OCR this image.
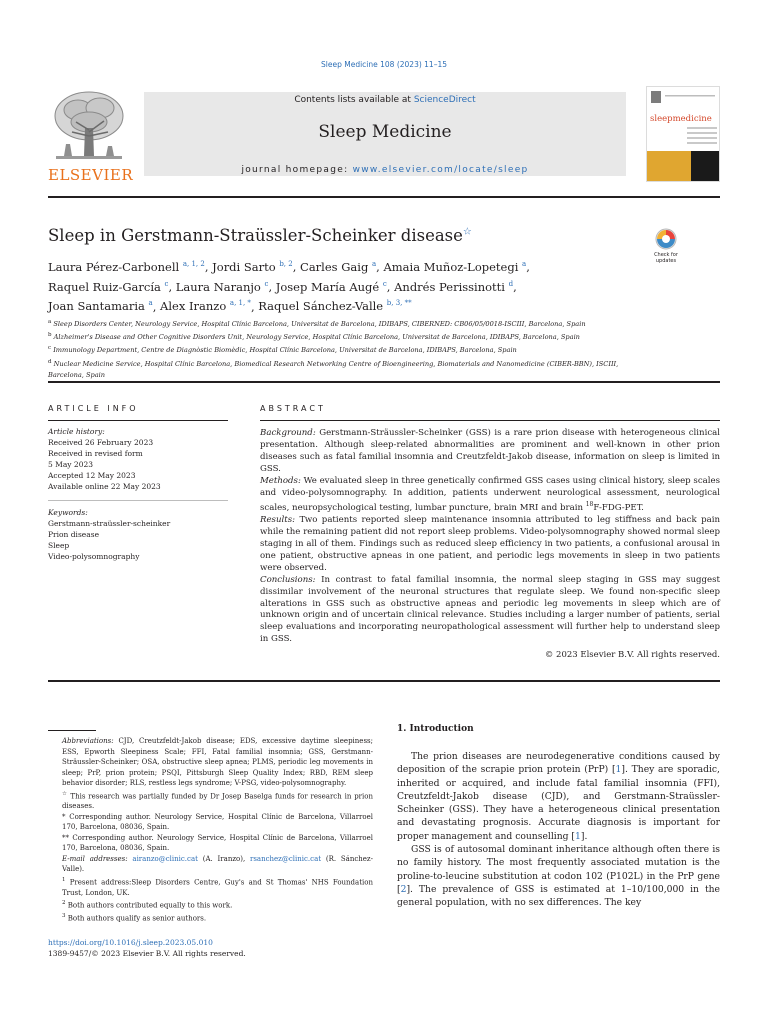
Sleep Medicine 108 (2023) 11–15
ELSEVIER
Contents lists available at ScienceDirect
Sleep Medicine
journal homepage: www.elsevier.com/locate/sleep
sleepmedicine
Sleep in Gerstmann-Straüssler-Scheinker disease☆
Check for updates
Laura Pérez-Carbonell $^{a, 1, 2}$, Jordi Sarto $^{b, 2}$, Carles Gaig $^a$, Amaia Muñoz-Lopetegi $^a$,
Raquel Ruiz-García $^c$, Laura Naranjo $^c$, Josep María Augé $^c$, Andrés Perissinotti $^d$,
Joan Santamaria $^a$, Alex Iranzo $^{a, 1, *}$, Raquel Sánchez-Valle $^{b, 3, **}$
$^a$ Sleep Disorders Center, Neurology Service, Hospital Clínic Barcelona, Universitat de Barcelona, IDIBAPS, CIBERNED: CB06/05/0018-ISCIII, Barcelona, Spain
$^b$ Alzheimer's Disease and Other Cognitive Disorders Unit, Neurology Service, Hospital Clínic Barcelona, Universitat de Barcelona, IDIBAPS, Barcelona, Spain
$^c$ Immunology Department, Centre de Diagnòstic Biomèdic, Hospital Clínic Barcelona, Universitat de Barcelona, IDIBAPS, Barcelona, Spain
$^d$ Nuclear Medicine Service, Hospital Clínic Barcelona, Biomedical Research Networking Centre of Bioengineering, Biomaterials and Nanomedicine (CIBER-BBN), ISCIII, Barcelona, Spain
ARTICLE INFO	ABSTRACT
Article history:
Received 26 February 2023
Received in revised form
5 May 2023
Accepted 12 May 2023
Available online 22 May 2023
Keywords:
Gerstmann-straüssler-scheinker
Prion disease
Sleep
Video-polysomnography

Background: Gerstmann-Sträussler-Scheinker (GSS) is a rare prion disease with heterogeneous clinical presentation. Although sleep-related abnormalities are prominent and well-known in other prion diseases such as fatal familial insomnia and Creutzfeldt-Jakob disease, information on sleep is limited in GSS.

Methods: We evaluated sleep in three genetically confirmed GSS cases using clinical history, sleep scales and video-polysomnography. In addition, patients underwent neurological assessment, neurological scales, neuropsychological testing, lumbar puncture, brain MRI and brain $^{18}$F-FDG-PET.

Results: Two patients reported sleep maintenance insomnia attributed to leg stiffness and back pain while the remaining patient did not report sleep problems. Video-polysomnography showed normal sleep staging in all of them. Findings such as reduced sleep efficiency in two patients, a confusional arousal in one patient, obstructive apneas in one patient, and periodic legs movements in sleep in two patients were observed.

Conclusions: In contrast to fatal familial insomnia, the normal sleep staging in GSS may suggest dissimilar involvement of the neuronal structures that regulate sleep. We found non-specific sleep alterations in GSS such as obstructive apneas and periodic leg movements in sleep which are of unknown origin and of uncertain clinical relevance. Studies including a larger number of patients, serial sleep evaluations and incorporating neuropathological assessment will further help to understand sleep in GSS.

© 2023 Elsevier B.V. All rights reserved.

Abbreviations: CJD, Creutzfeldt-Jakob disease; EDS, excessive daytime sleepiness; ESS, Epworth Sleepiness Scale; FFI, Fatal familial insomnia; GSS, Gerstmann-Sträussler-Scheinker; OSA, obstructive sleep apnea; PLMS, periodic leg movements in sleep; PrP, prion protein; PSQI, Pittsburgh Sleep Quality Index; RBD, REM sleep behavior disorder; RLS, restless legs syndrome; V-PSG, video-polysomnography.

☆ This research was partially funded by Dr Josep Baselga funds for research in prion diseases.

* Corresponding author. Neurology Service, Hospital Clínic de Barcelona, Villarroel 170, Barcelona, 08036, Spain.

** Corresponding author. Neurology Service, Hospital Clínic de Barcelona, Villarroel 170, Barcelona, 08036, Spain.

E-mail addresses: airanzo@clinic.cat (A. Iranzo), rsanchez@clinic.cat (R. Sánchez-Valle).

$^1$ Present address:Sleep Disorders Centre, Guy's and St Thomas' NHS Foundation Trust, London, UK.

$^2$ Both authors contributed equally to this work.

$^3$ Both authors qualify as senior authors.

https://doi.org/10.1016/j.sleep.2023.05.010
1389-9457/© 2023 Elsevier B.V. All rights reserved.
1. Introduction

The prion diseases are neurodegenerative conditions caused by deposition of the scrapie prion protein (PrP) [1]. They are sporadic, inherited or acquired, and include fatal familial insomnia (FFI), Creutzfeldt-Jakob disease (CJD), and Gerstmann-Straüssler-Scheinker (GSS). They have a heterogeneous clinical presentation and devastating prognosis. Accurate diagnosis is important for proper management and counselling [1].

GSS is of autosomal dominant inheritance although often there is no family history. The most frequently associated mutation is the proline-to-leucine substitution at codon 102 (P102L) in the PrP gene [2]. The prevalence of GSS is estimated at 1–10/100,000 in the general population, with no sex differences. The key
